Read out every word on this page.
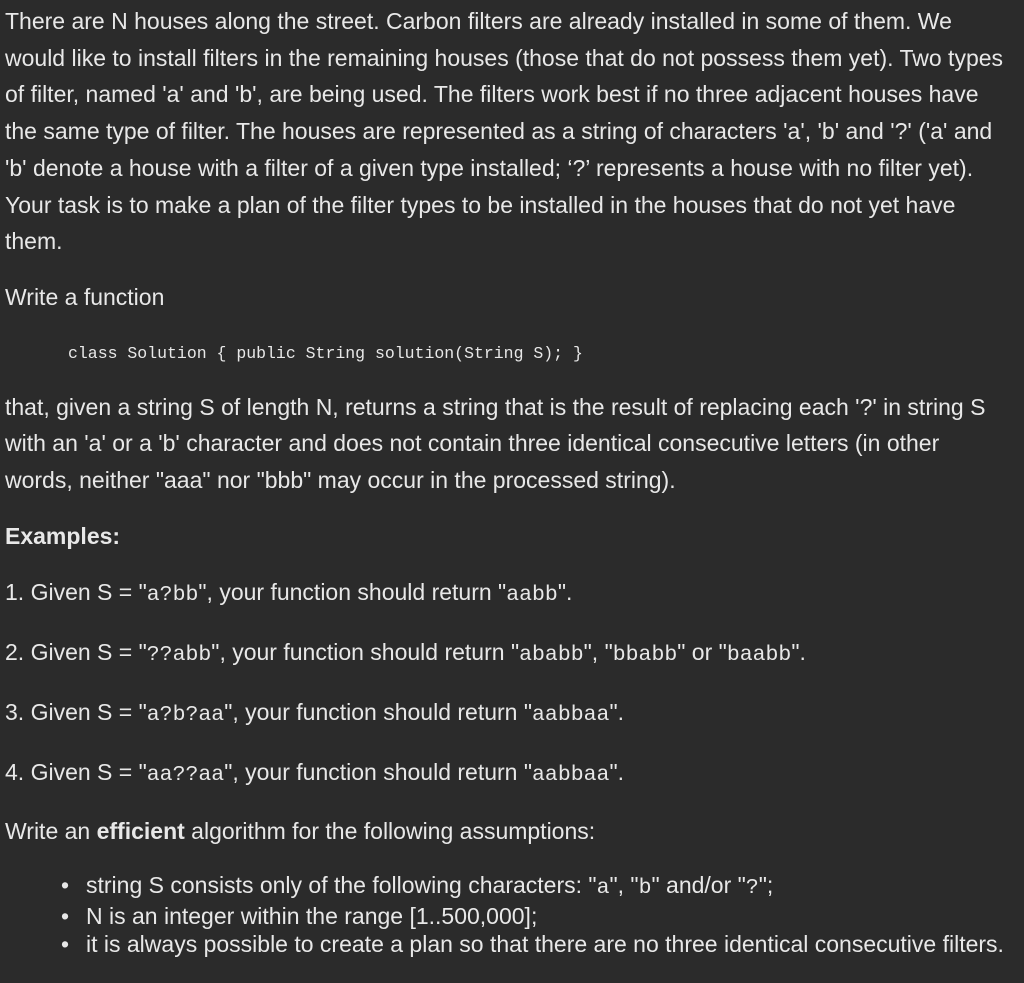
There are N houses along the street. Carbon filters are already installed in some of them. We would like to install filters in the remaining houses (those that do not possess them yet). Two types of filter, named 'a' and 'b', are being used. The filters work best if no three adjacent houses have the same type of filter. The houses are represented as a string of characters 'a', 'b' and '?' ('a' and 'b' denote a house with a filter of a given type installed; ‘?’ represents a house with no filter yet). Your task is to make a plan of the filter types to be installed in the houses that do not yet have them.

Write a function

class Solution { public String solution(String S); }

that, given a string S of length N, returns a string that is the result of replacing each '?' in string S with an 'a' or a 'b' character and does not contain three identical consecutive letters (in other words, neither "aaa" nor "bbb" may occur in the processed string).

Examples:

1. Given S = "a?bb", your function should return "aabb".

2. Given S = "??abb", your function should return "ababb", "bbabb" or "baabb".

3. Given S = "a?b?aa", your function should return "aabbaa".

4. Given S = "aa??aa", your function should return "aabbaa".

Write an efficient algorithm for the following assumptions:

• string S consists only of the following characters: "a", "b" and/or "?";
• N is an integer within the range [1..500,000];
• it is always possible to create a plan so that there are no three identical consecutive filters.
